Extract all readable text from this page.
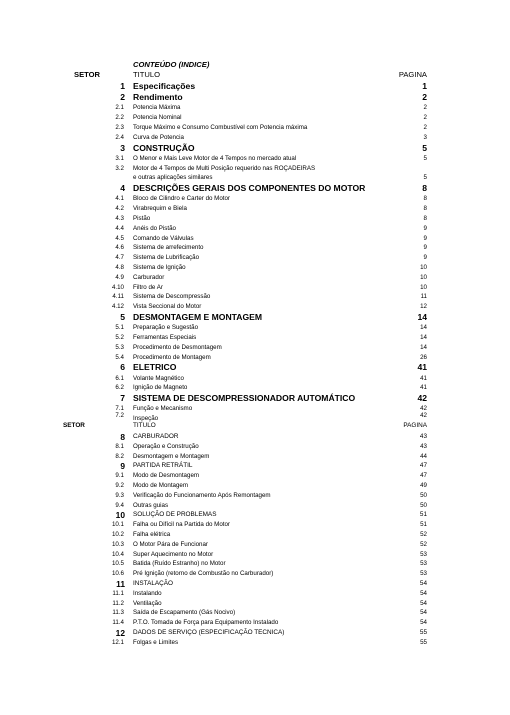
CONTEÚDO (INDICE)
SETOR	TITULO	PAGINA
1 Especificações	1
2 Rendimento	2
2.1 Potencia Máxima	2
2.2 Potencia Nominal	2
2.3 Torque Máximo e Consumo Combustível com Potencia máxima	2
2.4 Curva de Potencia	3
3 CONSTRUÇÃO	5
3.1 O Menor e Mais Leve Motor de 4 Tempos no mercado atual	5
3.2 Motor de 4 Tempos de Multi Posição requerido nas ROÇADEIRAS
e outras aplicações similares	5
4 DESCRIÇÕES GERAIS DOS COMPONENTES DO MOTOR	8
4.1 Bloco de Cilindro e Carter do Motor	8
4.2 Virabrequim e Biela	8
4.3 Pistão	8
4.4 Anéis do Pistão	9
4.5 Comando de Válvulas	9
4.6 Sistema de arrefecimento	9
4.7 Sistema de Lubrificação	9
4.8 Sistema de Ignição	10
4.9 Carburador	10
4.10 Filtro de Ar	10
4.11 Sistema de Descompressão	11
4.12 Vista Seccional do Motor	12
5 DESMONTAGEM E MONTAGEM	14
5.1 Preparação e Sugestão	14
5.2 Ferramentas Especiais	14
5.3 Procedimento de Desmontagem	14
5.4 Procedimento de Montagem	26
6 ELETRICO	41
6.1 Volante Magnético	41
6.2 Ignição de Magneto	41
7 SISTEMA DE DESCOMPRESSIONADOR AUTOMÁTICO	42
7.1 Função e Mecanismo	42
Inspeção
7.2	42
SETOR	TITULO	PAGINA
8 CARBURADOR	43
8.1 Operação e Construção	43
8.2 Desmontagem e Montagem	44
9 PARTIDA RETRÁTIL	47
9.1 Modo de Desmontagem	47
9.2 Modo de Montagem	49
9.3 Verificação do Funcionamento Após Remontagem	50
9.4 Outras guias	50
10 SOLUÇÃO DE PROBLEMAS	51
10.1 Falha ou Difícil na Partida do Motor	51
10.2 Falha elétrica	52
10.3 O Motor Pára de Funcionar	52
10.4 Super Aquecimento no Motor	53
10.5 Batida (Ruído Estranho) no Motor	53
10.6 Pré Ignição (retorno de Combustão no Carburador)	53
11 INSTALAÇÃO	54
11.1 Instalando	54
11.2 Ventilação	54
11.3 Saída de Escapamento (Gás Nocivo)	54
11.4 P.T.O. Tomada de Força para Equipamento Instalado	54
12 DADOS DE SERVIÇO (ESPECIFICAÇÃO TECNICA)	55
12.1 Folgas e Limites	55
